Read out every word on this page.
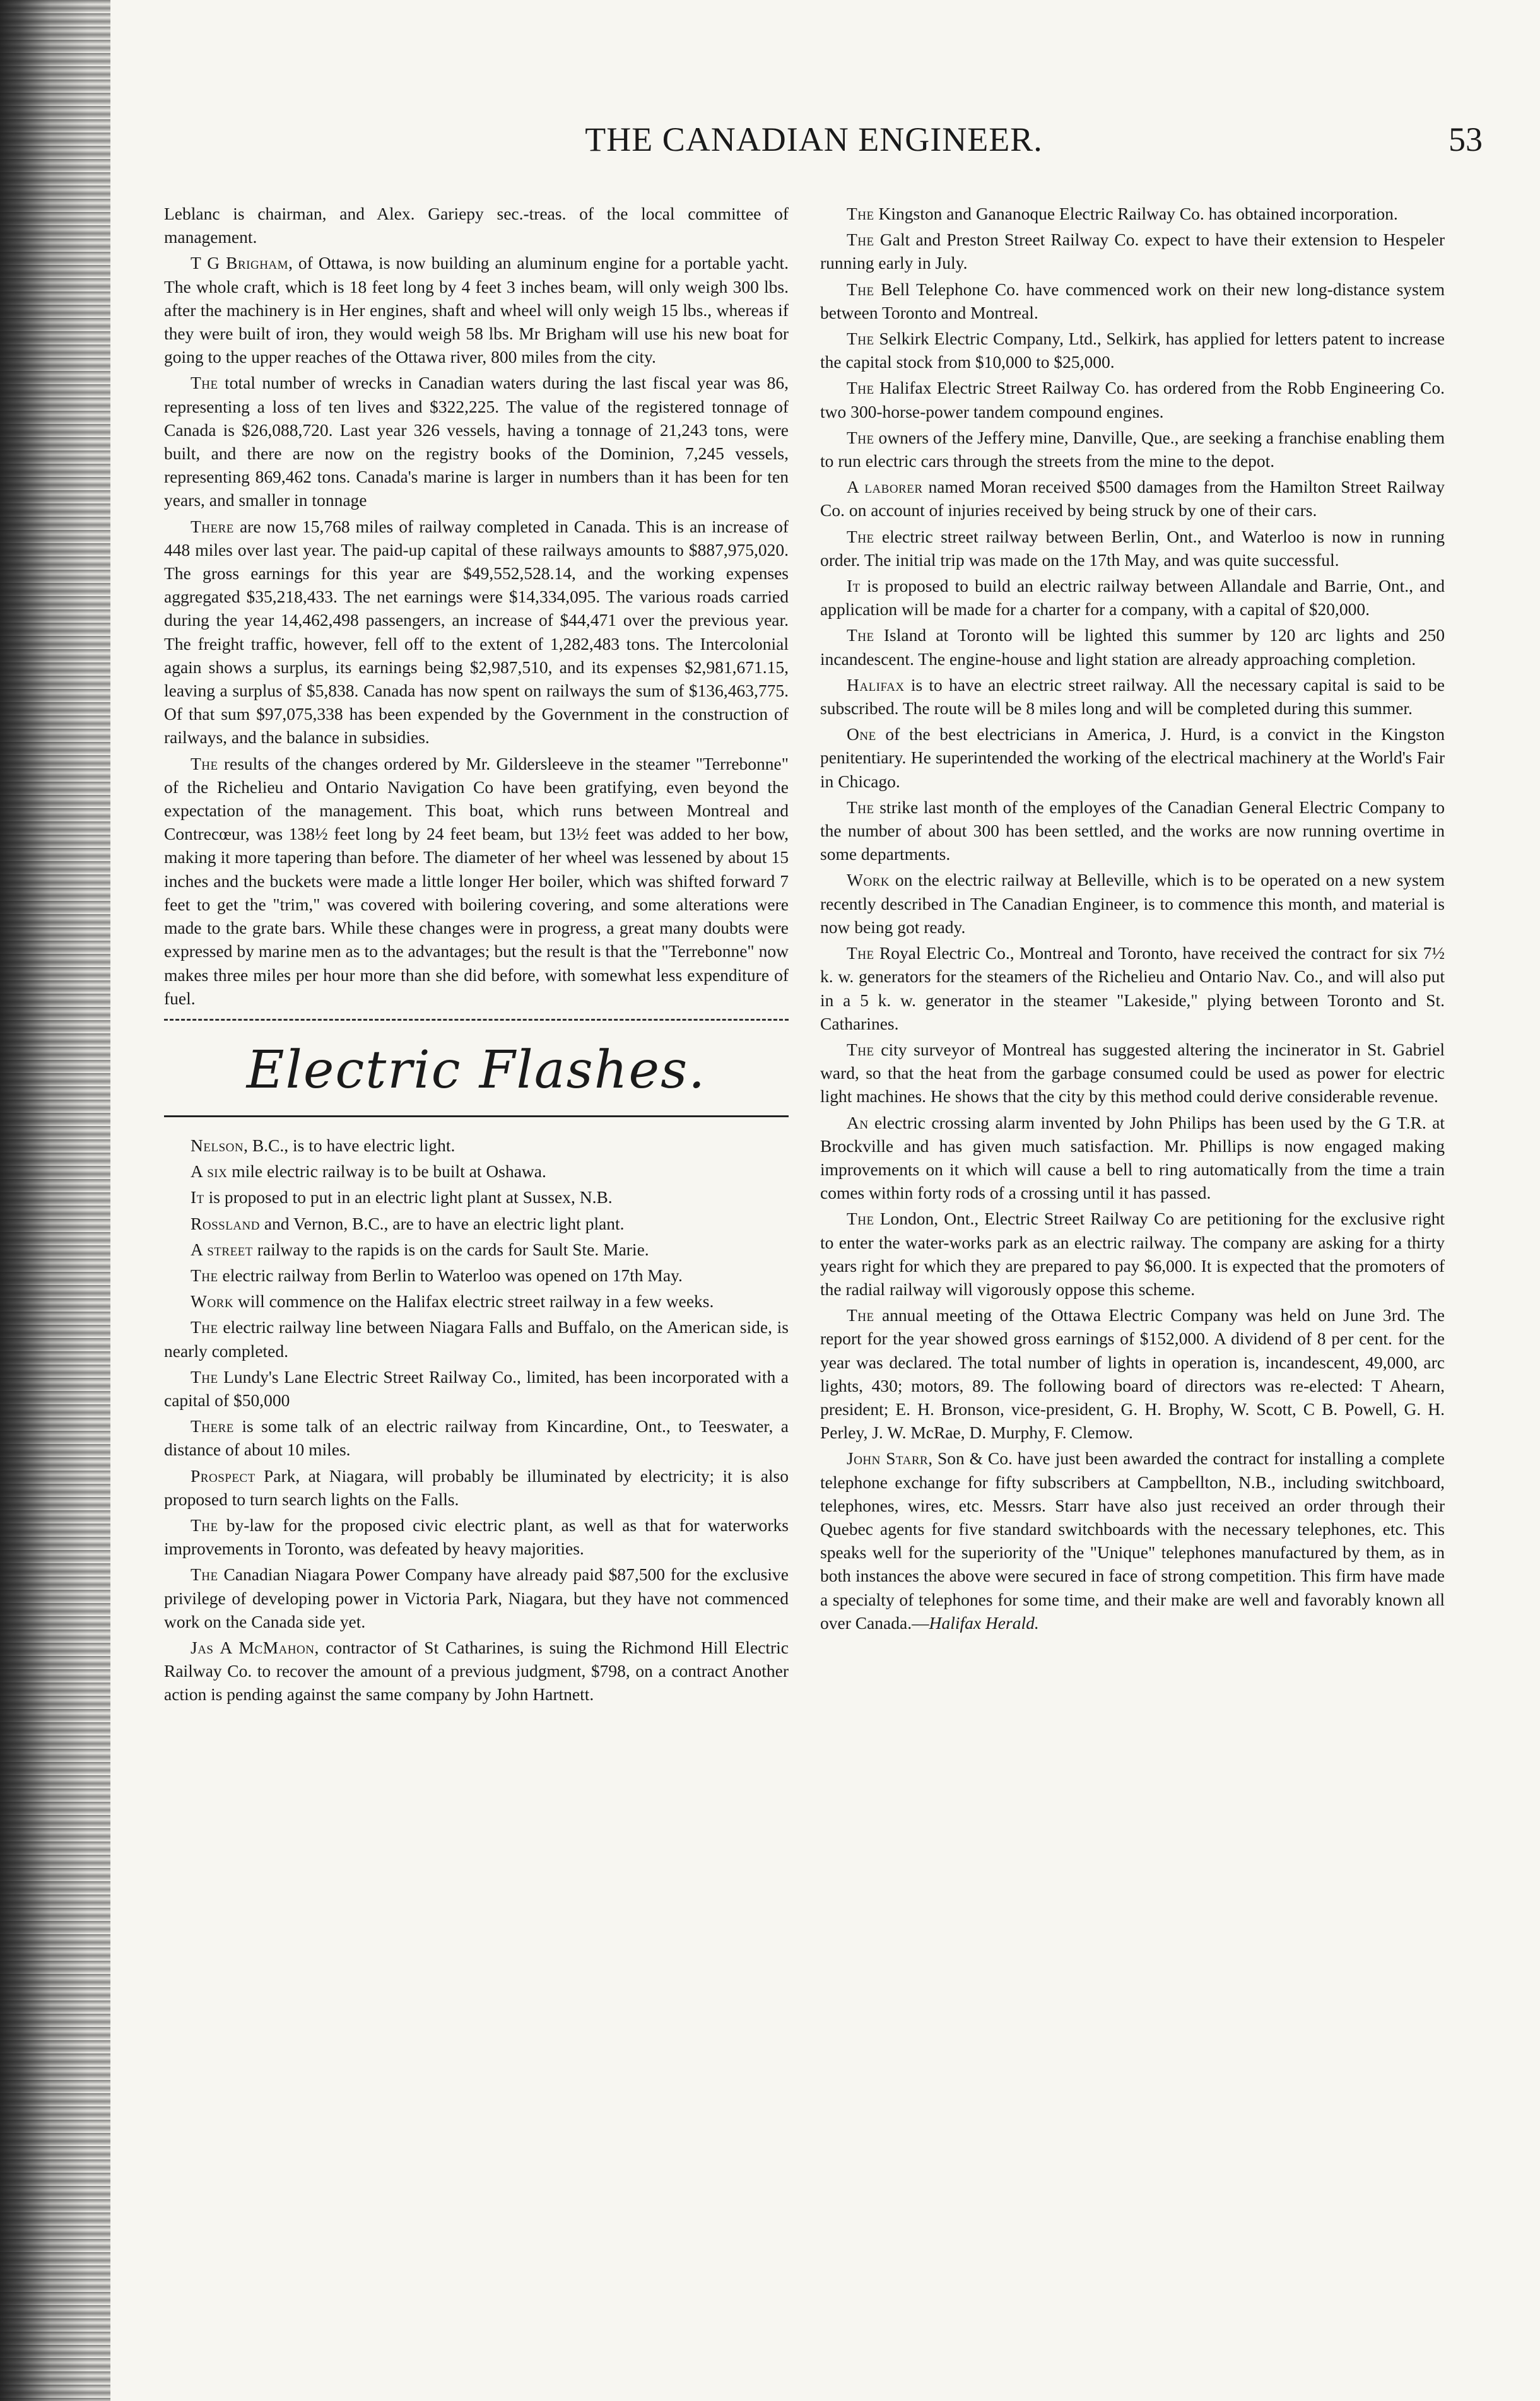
THE CANADIAN ENGINEER.	53

Leblanc is chairman, and Alex. Gariepy sec.-treas. of the local committee of management.

T G Brigham, of Ottawa, is now building an aluminum engine for a portable yacht. The whole craft, which is 18 feet long by 4 feet 3 inches beam, will only weigh 300 lbs. after the machinery is in Her engines, shaft and wheel will only weigh 15 lbs., whereas if they were built of iron, they would weigh 58 lbs. Mr Brigham will use his new boat for going to the upper reaches of the Ottawa river, 800 miles from the city.

The total number of wrecks in Canadian waters during the last fiscal year was 86, representing a loss of ten lives and $322,225. The value of the registered tonnage of Canada is $26,088,720. Last year 326 vessels, having a tonnage of 21,243 tons, were built, and there are now on the registry books of the Dominion, 7,245 vessels, representing 869,462 tons. Canada's marine is larger in numbers than it has been for ten years, and smaller in tonnage

There are now 15,768 miles of railway completed in Canada. This is an increase of 448 miles over last year. The paid-up capital of these railways amounts to $887,975,020. The gross earnings for this year are $49,552,528.14, and the working expenses aggregated $35,218,433. The net earnings were $14,334,095. The various roads carried during the year 14,462,498 passengers, an increase of $44,471 over the previous year. The freight traffic, however, fell off to the extent of 1,282,483 tons. The Intercolonial again shows a surplus, its earnings being $2,987,510, and its expenses $2,981,671.15, leaving a surplus of $5,838. Canada has now spent on railways the sum of $136,463,775. Of that sum $97,075,338 has been expended by the Government in the construction of railways, and the balance in subsidies.

The results of the changes ordered by Mr. Gildersleeve in the steamer "Terrebonne" of the Richelieu and Ontario Navigation Co have been gratifying, even beyond the expectation of the management. This boat, which runs between Montreal and Contrecœur, was 138½ feet long by 24 feet beam, but 13½ feet was added to her bow, making it more tapering than before. The diameter of her wheel was lessened by about 15 inches and the buckets were made a little longer Her boiler, which was shifted forward 7 feet to get the "trim," was covered with boilering covering, and some alterations were made to the grate bars. While these changes were in progress, a great many doubts were expressed by marine men as to the advantages; but the result is that the "Terrebonne" now makes three miles per hour more than she did before, with somewhat less expenditure of fuel.

Electric Flashes.

Nelson, B.C., is to have electric light.

A six mile electric railway is to be built at Oshawa.

It is proposed to put in an electric light plant at Sussex, N.B.

Rossland and Vernon, B.C., are to have an electric light plant.

A street railway to the rapids is on the cards for Sault Ste. Marie.

The electric railway from Berlin to Waterloo was opened on 17th May.

Work will commence on the Halifax electric street railway in a few weeks.

The electric railway line between Niagara Falls and Buffalo, on the American side, is nearly completed.

The Lundy's Lane Electric Street Railway Co., limited, has been incorporated with a capital of $50,000

There is some talk of an electric railway from Kincardine, Ont., to Teeswater, a distance of about 10 miles.

Prospect Park, at Niagara, will probably be illuminated by electricity; it is also proposed to turn search lights on the Falls.

The by-law for the proposed civic electric plant, as well as that for waterworks improvements in Toronto, was defeated by heavy majorities.

The Canadian Niagara Power Company have already paid $87,500 for the exclusive privilege of developing power in Victoria Park, Niagara, but they have not commenced work on the Canada side yet.

Jas A McMahon, contractor of St Catharines, is suing the Richmond Hill Electric Railway Co. to recover the amount of a previous judgment, $798, on a contract Another action is pending against the same company by John Hartnett.

The Kingston and Gananoque Electric Railway Co. has obtained incorporation.

The Galt and Preston Street Railway Co. expect to have their extension to Hespeler running early in July.

The Bell Telephone Co. have commenced work on their new long-distance system between Toronto and Montreal.

The Selkirk Electric Company, Ltd., Selkirk, has applied for letters patent to increase the capital stock from $10,000 to $25,000.

The Halifax Electric Street Railway Co. has ordered from the Robb Engineering Co. two 300-horse-power tandem compound engines.

The owners of the Jeffery mine, Danville, Que., are seeking a franchise enabling them to run electric cars through the streets from the mine to the depot.

A laborer named Moran received $500 damages from the Hamilton Street Railway Co. on account of injuries received by being struck by one of their cars.

The electric street railway between Berlin, Ont., and Waterloo is now in running order. The initial trip was made on the 17th May, and was quite successful.

It is proposed to build an electric railway between Allandale and Barrie, Ont., and application will be made for a charter for a company, with a capital of $20,000.

The Island at Toronto will be lighted this summer by 120 arc lights and 250 incandescent. The engine-house and light station are already approaching completion.

Halifax is to have an electric street railway. All the necessary capital is said to be subscribed. The route will be 8 miles long and will be completed during this summer.

One of the best electricians in America, J. Hurd, is a convict in the Kingston penitentiary. He superintended the working of the electrical machinery at the World's Fair in Chicago.

The strike last month of the employes of the Canadian General Electric Company to the number of about 300 has been settled, and the works are now running overtime in some departments.

Work on the electric railway at Belleville, which is to be operated on a new system recently described in The Canadian Engineer, is to commence this month, and material is now being got ready.

The Royal Electric Co., Montreal and Toronto, have received the contract for six 7½ k. w. generators for the steamers of the Richelieu and Ontario Nav. Co., and will also put in a 5 k. w. generator in the steamer "Lakeside," plying between Toronto and St. Catharines.

The city surveyor of Montreal has suggested altering the incinerator in St. Gabriel ward, so that the heat from the garbage consumed could be used as power for electric light machines. He shows that the city by this method could derive considerable revenue.

An electric crossing alarm invented by John Philips has been used by the G T.R. at Brockville and has given much satisfaction. Mr. Phillips is now engaged making improvements on it which will cause a bell to ring automatically from the time a train comes within forty rods of a crossing until it has passed.

The London, Ont., Electric Street Railway Co are petitioning for the exclusive right to enter the water-works park as an electric railway. The company are asking for a thirty years right for which they are prepared to pay $6,000. It is expected that the promoters of the radial railway will vigorously oppose this scheme.

The annual meeting of the Ottawa Electric Company was held on June 3rd. The report for the year showed gross earnings of $152,000. A dividend of 8 per cent. for the year was declared. The total number of lights in operation is, incandescent, 49,000, arc lights, 430; motors, 89. The following board of directors was re-elected: T Ahearn, president; E. H. Bronson, vice-president, G. H. Brophy, W. Scott, C B. Powell, G. H. Perley, J. W. McRae, D. Murphy, F. Clemow.

John Starr, Son & Co. have just been awarded the contract for installing a complete telephone exchange for fifty subscribers at Campbellton, N.B., including switchboard, telephones, wires, etc. Messrs. Starr have also just received an order through their Quebec agents for five standard switchboards with the necessary telephones, etc. This speaks well for the superiority of the "Unique" telephones manufactured by them, as in both instances the above were secured in face of strong competition. This firm have made a specialty of telephones for some time, and their make are well and favorably known all over Canada.—Halifax Herald.
